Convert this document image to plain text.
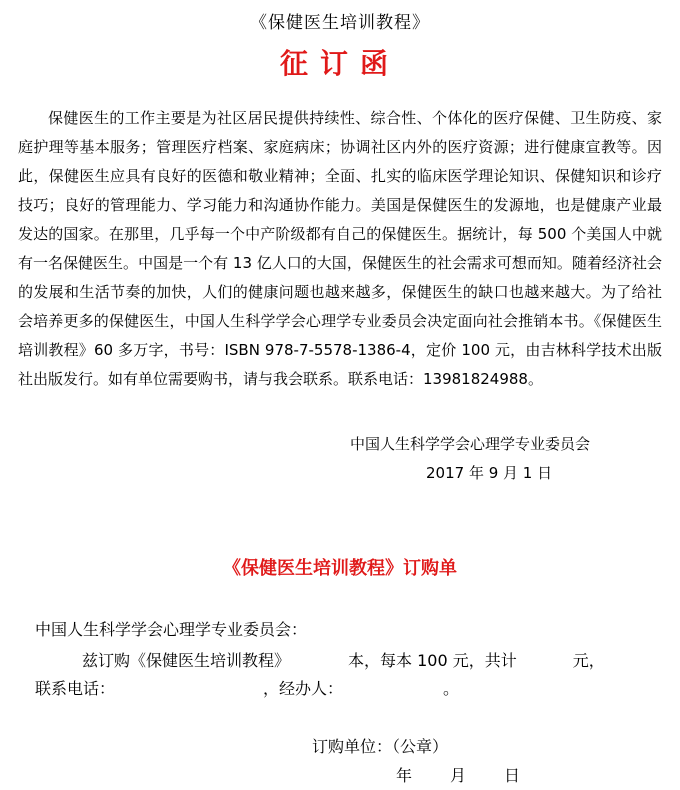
《保健医生培训教程》
征订函

保健医生的工作主要是为社区居民提供持续性、综合性、个体化的医疗保健、卫生防疫、家庭护理等基本服务；管理医疗档案、家庭病床；协调社区内外的医疗资源；进行健康宣教等。因此，保健医生应具有良好的医德和敬业精神；全面、扎实的临床医学理论知识、保健知识和诊疗技巧；良好的管理能力、学习能力和沟通协作能力。美国是保健医生的发源地，也是健康产业最发达的国家。在那里，几乎每一个中产阶级都有自己的保健医生。据统计，每 500 个美国人中就有一名保健医生。中国是一个有 13 亿人口的大国，保健医生的社会需求可想而知。随着经济社会的发展和生活节奏的加快，人们的健康问题也越来越多，保健医生的缺口也越来越大。为了给社会培养更多的保健医生，中国人生科学学会心理学专业委员会决定面向社会推销本书。《保健医生培训教程》60 多万字，书号：ISBN 978-7-5578-1386-4，定价 100 元，由吉林科学技术出版社出版发行。如有单位需要购书，请与我会联系。联系电话：13981824988。

中国人生科学学会心理学专业委员会
2017 年 9 月 1 日
《保健医生培训教程》订购单
中国人生科学学会心理学专业委员会：
兹订购《保健医生培训教程》	本，每本 100 元，共计	元，
联系电话：	，经办人：	。
订购单位：（公章）
年 月 日
